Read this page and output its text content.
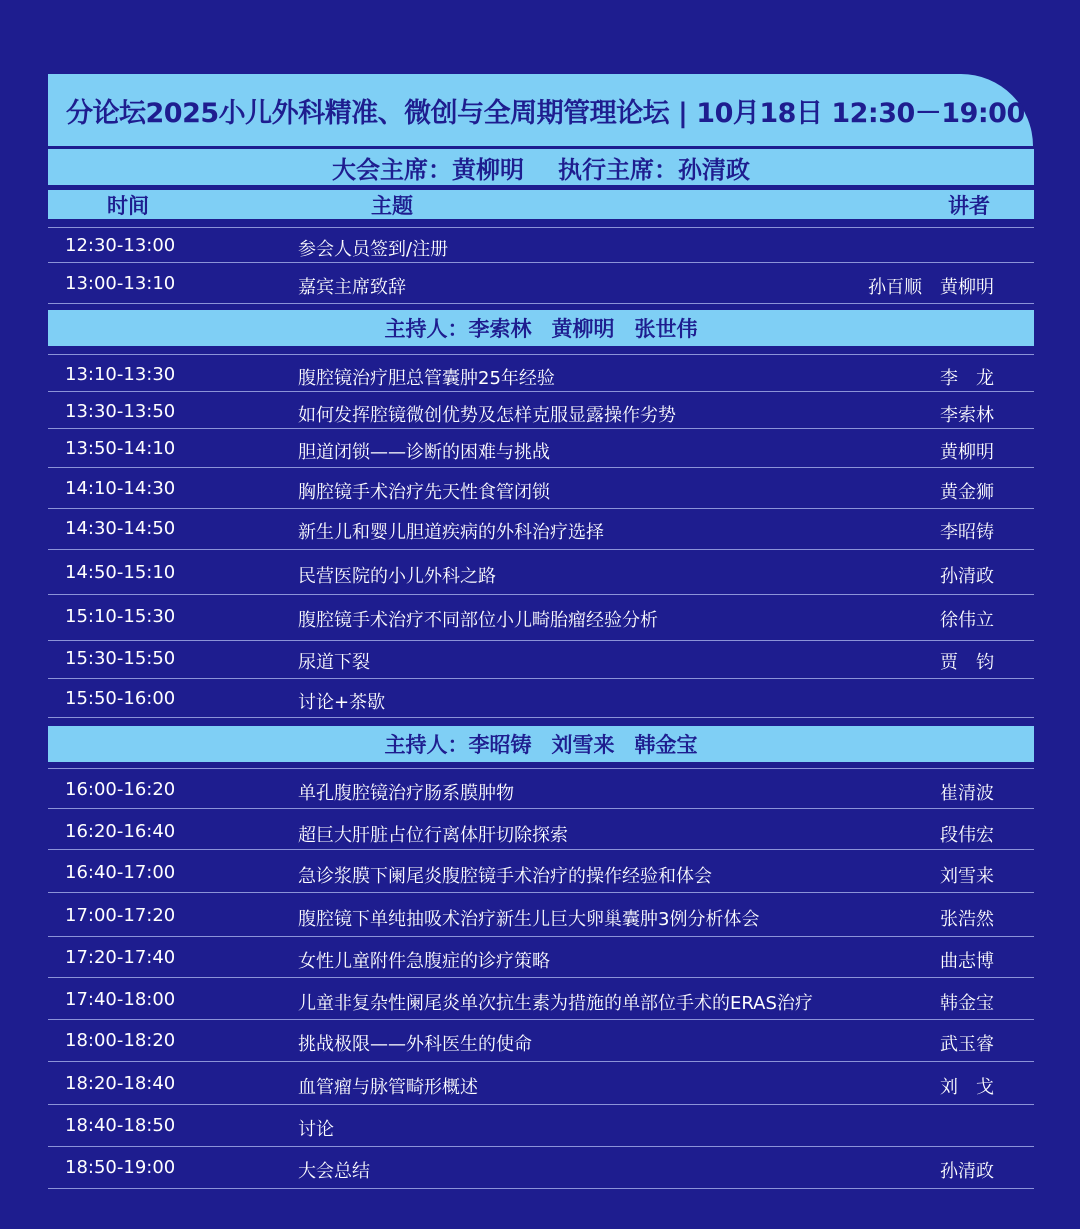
分论坛2025小儿外科精准、微创与全周期管理论坛 | 10月18日 12:30－19:00
大会主席：黄柳明 执行主席：孙清政
时间	主题	讲者
主持人： 李索林 黄柳明 张世伟
主持人： 李昭铸 刘雪来 韩金宝
12:30-13:00	参会人员签到/注册
13:00-13:10	嘉宾主席致辞	孙百顺　黄柳明
13:10-13:30	腹腔镜治疗胆总管囊肿25年经验	李　龙
13:30-13:50	如何发挥腔镜微创优势及怎样克服显露操作劣势	李索林
13:50-14:10	胆道闭锁——诊断的困难与挑战	黄柳明
14:10-14:30	胸腔镜手术治疗先天性食管闭锁	黄金狮
14:30-14:50	新生儿和婴儿胆道疾病的外科治疗选择	李昭铸
14:50-15:10	民营医院的小儿外科之路	孙清政
15:10-15:30	腹腔镜手术治疗不同部位小儿畸胎瘤经验分析	徐伟立
15:30-15:50	尿道下裂	贾　钧
15:50-16:00	讨论+茶歇
16:00-16:20	单孔腹腔镜治疗肠系膜肿物	崔清波
16:20-16:40	超巨大肝脏占位行离体肝切除探索	段伟宏
16:40-17:00	急诊浆膜下阑尾炎腹腔镜手术治疗的操作经验和体会	刘雪来
17:00-17:20	腹腔镜下单纯抽吸术治疗新生儿巨大卵巢囊肿3例分析体会	张浩然
17:20-17:40	女性儿童附件急腹症的诊疗策略	曲志博
17:40-18:00	儿童非复杂性阑尾炎单次抗生素为措施的单部位手术的ERAS治疗	韩金宝
18:00-18:20	挑战极限——外科医生的使命	武玉睿
18:20-18:40	血管瘤与脉管畸形概述	刘　戈
18:40-18:50	讨论
18:50-19:00	大会总结	孙清政
